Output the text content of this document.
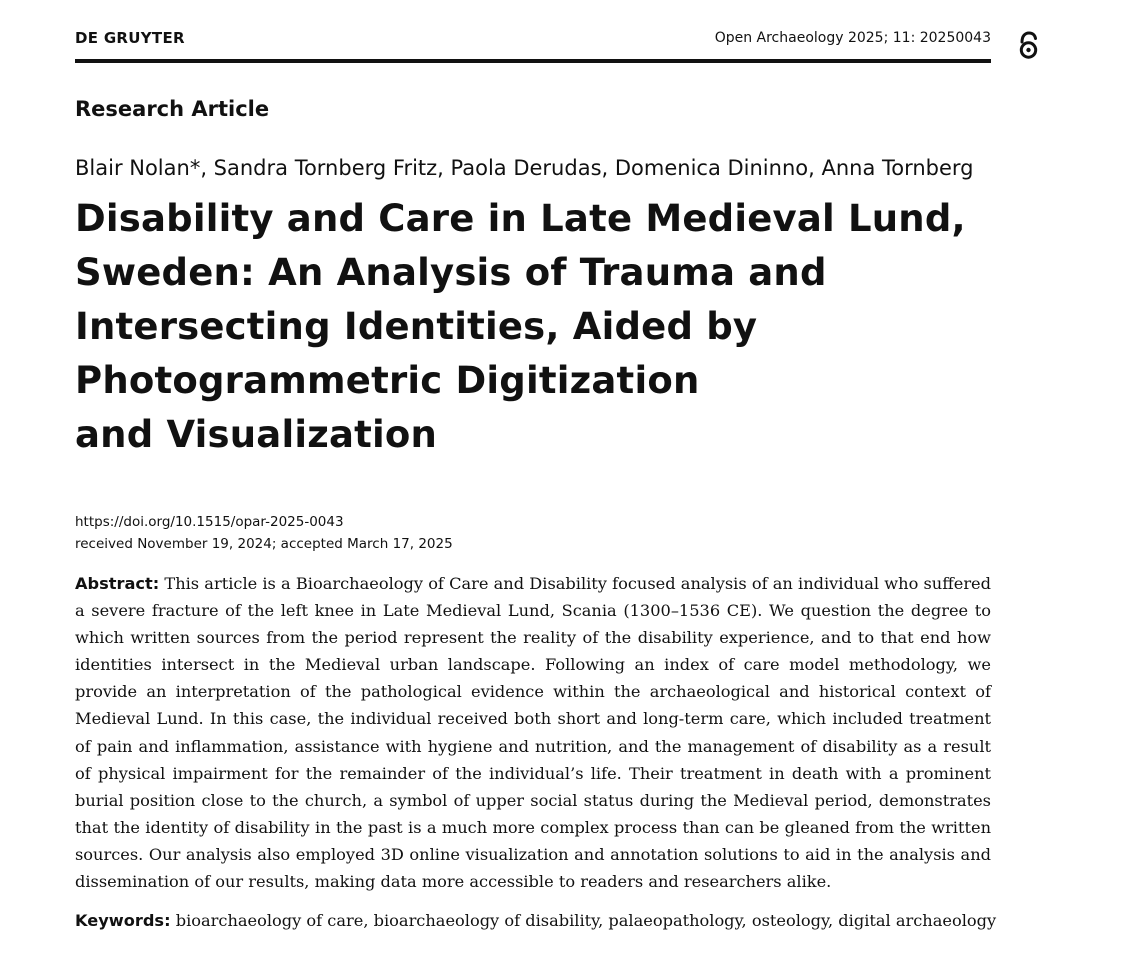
DE GRUYTER	Open Archaeology 2025; 11: 20250043
Research Article
Blair Nolan*, Sandra Tornberg Fritz, Paola Derudas, Domenica Dininno, Anna Tornberg
Disability and Care in Late Medieval Lund,
Sweden: An Analysis of Trauma and
Intersecting Identities, Aided by
Photogrammetric Digitization
and Visualization
https://doi.org/10.1515/opar-2025-0043
received November 19, 2024; accepted March 17, 2025

Abstract: This article is a Bioarchaeology of Care and Disability focused analysis of an individual who suffered a severe fracture of the left knee in Late Medieval Lund, Scania (1300–1536 CE). We question the degree to which written sources from the period represent the reality of the disability experience, and to that end how identities intersect in the Medieval urban landscape. Following an index of care model methodology, we provide an interpretation of the pathological evidence within the archaeological and historical context of Medieval Lund. In this case, the individual received both short and long-term care, which included treatment of pain and inflammation, assistance with hygiene and nutrition, and the management of disability as a result of physical impairment for the remainder of the individual’s life. Their treatment in death with a prominent burial position close to the church, a symbol of upper social status during the Medieval period, demonstrates that the identity of disability in the past is a much more complex process than can be gleaned from the written sources. Our analysis also employed 3D online visualization and annotation solutions to aid in the analysis and dissemination of our results, making data more accessible to readers and researchers alike.

Keywords: bioarchaeology of care, bioarchaeology of disability, palaeopathology, osteology, digital archaeology
